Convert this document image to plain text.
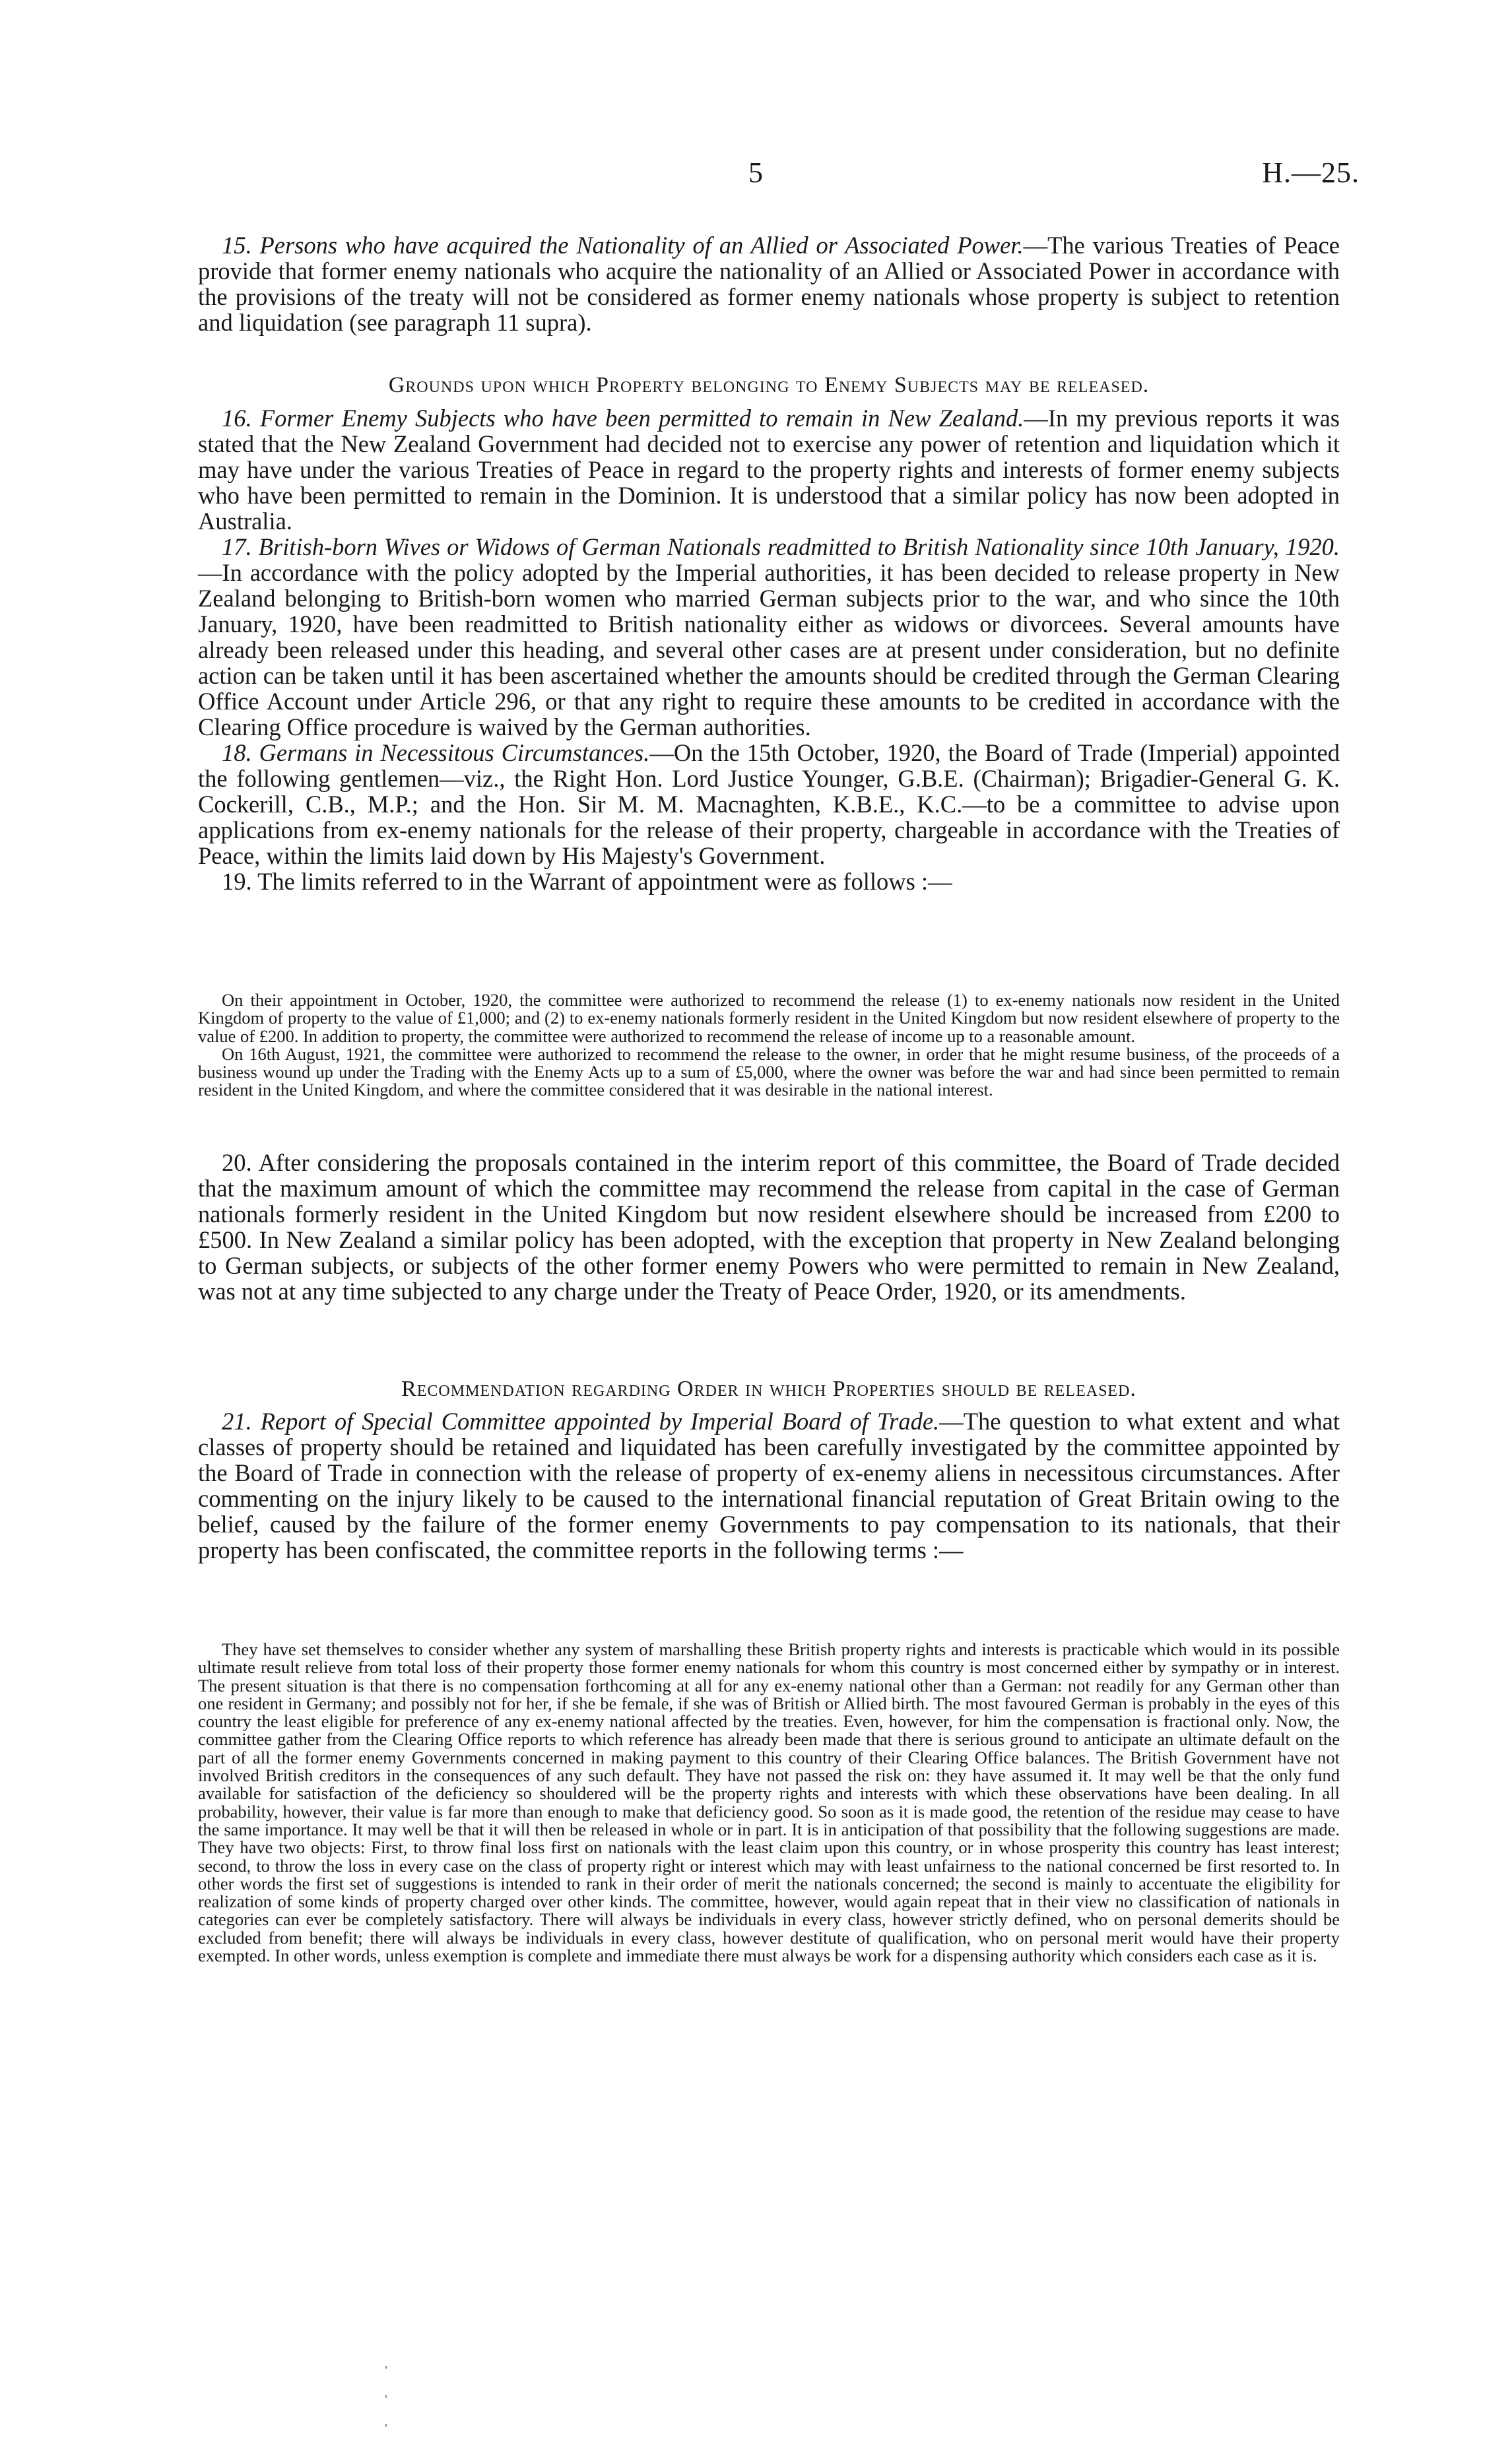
5	H.—25.

15. Persons who have acquired the Nationality of an Allied or Associated Power.—The various Treaties of Peace provide that former enemy nationals who acquire the nationality of an Allied or Associated Power in accordance with the provisions of the treaty will not be considered as former enemy nationals whose property is subject to retention and liquidation (see paragraph 11 supra).

Grounds upon which Property belonging to Enemy Subjects may be released.

16. Former Enemy Subjects who have been permitted to remain in New Zealand.—In my previous reports it was stated that the New Zealand Government had decided not to exercise any power of retention and liquidation which it may have under the various Treaties of Peace in regard to the property rights and interests of former enemy subjects who have been permitted to remain in the Dominion. It is understood that a similar policy has now been adopted in Australia.

17. British-born Wives or Widows of German Nationals readmitted to British Nationality since 10th January, 1920.—In accordance with the policy adopted by the Imperial authorities, it has been decided to release property in New Zealand belonging to British-born women who married German subjects prior to the war, and who since the 10th January, 1920, have been readmitted to British nationality either as widows or divorcees. Several amounts have already been released under this heading, and several other cases are at present under consideration, but no definite action can be taken until it has been ascertained whether the amounts should be credited through the German Clearing Office Account under Article 296, or that any right to require these amounts to be credited in accordance with the Clearing Office procedure is waived by the German authorities.

18. Germans in Necessitous Circumstances.—On the 15th October, 1920, the Board of Trade (Imperial) appointed the following gentlemen—viz., the Right Hon. Lord Justice Younger, G.B.E. (Chairman); Brigadier-General G. K. Cockerill, C.B., M.P.; and the Hon. Sir M. M. Macnaghten, K.B.E., K.C.—to be a committee to advise upon applications from ex-enemy nationals for the release of their property, chargeable in accordance with the Treaties of Peace, within the limits laid down by His Majesty's Government.

19. The limits referred to in the Warrant of appointment were as follows :—

On their appointment in October, 1920, the committee were authorized to recommend the release (1) to ex-enemy nationals now resident in the United Kingdom of property to the value of £1,000; and (2) to ex-enemy nationals formerly resident in the United Kingdom but now resident elsewhere of property to the value of £200. In addition to property, the committee were authorized to recommend the release of income up to a reasonable amount.

On 16th August, 1921, the committee were authorized to recommend the release to the owner, in order that he might resume business, of the proceeds of a business wound up under the Trading with the Enemy Acts up to a sum of £5,000, where the owner was before the war and had since been permitted to remain resident in the United Kingdom, and where the committee considered that it was desirable in the national interest.

20. After considering the proposals contained in the interim report of this committee, the Board of Trade decided that the maximum amount of which the committee may recommend the release from capital in the case of German nationals formerly resident in the United Kingdom but now resident elsewhere should be increased from £200 to £500. In New Zealand a similar policy has been adopted, with the exception that property in New Zealand belonging to German subjects, or subjects of the other former enemy Powers who were permitted to remain in New Zealand, was not at any time subjected to any charge under the Treaty of Peace Order, 1920, or its amendments.

Recommendation regarding Order in which Properties should be released.

21. Report of Special Committee appointed by Imperial Board of Trade.—The question to what extent and what classes of property should be retained and liquidated has been carefully investigated by the committee appointed by the Board of Trade in connection with the release of property of ex-enemy aliens in necessitous circumstances. After commenting on the injury likely to be caused to the international financial reputation of Great Britain owing to the belief, caused by the failure of the former enemy Governments to pay compensation to its nationals, that their property has been confiscated, the committee reports in the following terms :—

They have set themselves to consider whether any system of marshalling these British property rights and interests is practicable which would in its possible ultimate result relieve from total loss of their property those former enemy nationals for whom this country is most concerned either by sympathy or in interest. The present situation is that there is no compensation forthcoming at all for any ex-enemy national other than a German: not readily for any German other than one resident in Germany; and possibly not for her, if she be female, if she was of British or Allied birth. The most favoured German is probably in the eyes of this country the least eligible for preference of any ex-enemy national affected by the treaties. Even, however, for him the compensation is fractional only. Now, the committee gather from the Clearing Office reports to which reference has already been made that there is serious ground to anticipate an ultimate default on the part of all the former enemy Governments concerned in making payment to this country of their Clearing Office balances. The British Government have not involved British creditors in the consequences of any such default. They have not passed the risk on: they have assumed it. It may well be that the only fund available for satisfaction of the deficiency so shouldered will be the property rights and interests with which these observations have been dealing. In all probability, however, their value is far more than enough to make that deficiency good. So soon as it is made good, the retention of the residue may cease to have the same importance. It may well be that it will then be released in whole or in part. It is in anticipation of that possibility that the following suggestions are made. They have two objects: First, to throw final loss first on nationals with the least claim upon this country, or in whose prosperity this country has least interest; second, to throw the loss in every case on the class of property right or interest which may with least unfairness to the national concerned be first resorted to. In other words the first set of suggestions is intended to rank in their order of merit the nationals concerned; the second is mainly to accentuate the eligibility for realization of some kinds of property charged over other kinds. The committee, however, would again repeat that in their view no classification of nationals in categories can ever be completely satisfactory. There will always be individuals in every class, however strictly defined, who on personal demerits should be excluded from benefit; there will always be individuals in every class, however destitute of qualification, who on personal merit would have their property exempted. In other words, unless exemption is complete and immediate there must always be work for a dispensing authority which considers each case as it is.
